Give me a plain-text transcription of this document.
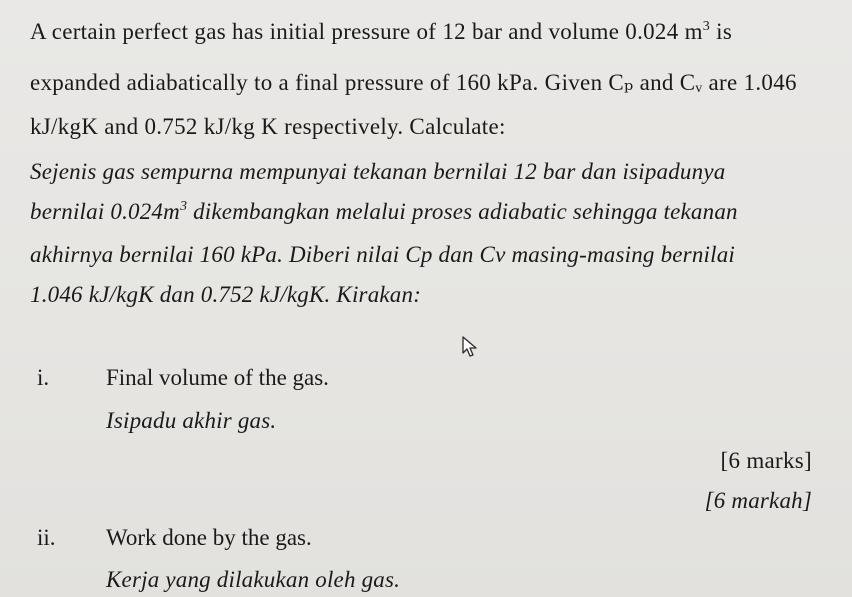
A certain perfect gas has initial pressure of 12 bar and volume 0.024 $m^3$ is
expanded adiabatically to a final pressure of 160 kPa. Given Cₚ and Cᵥ are 1.046
kJ/kgK and 0.752 kJ/kg K respectively. Calculate:
Sejenis gas sempurna mempunyai tekanan bernilai 12 bar dan isipadunya
bernilai $0.024m^3$ dikembangkan melalui proses adiabatic sehingga tekanan
akhirnya bernilai 160 kPa. Diberi nilai Cp dan Cv masing-masing bernilai
1.046 kJ/kgK dan 0.752 kJ/kgK. Kirakan:
i. Final volume of the gas.
Isipadu akhir gas.
[6 marks]
[6 markah]
ii. Work done by the gas.
Kerja yang dilakukan oleh gas.
